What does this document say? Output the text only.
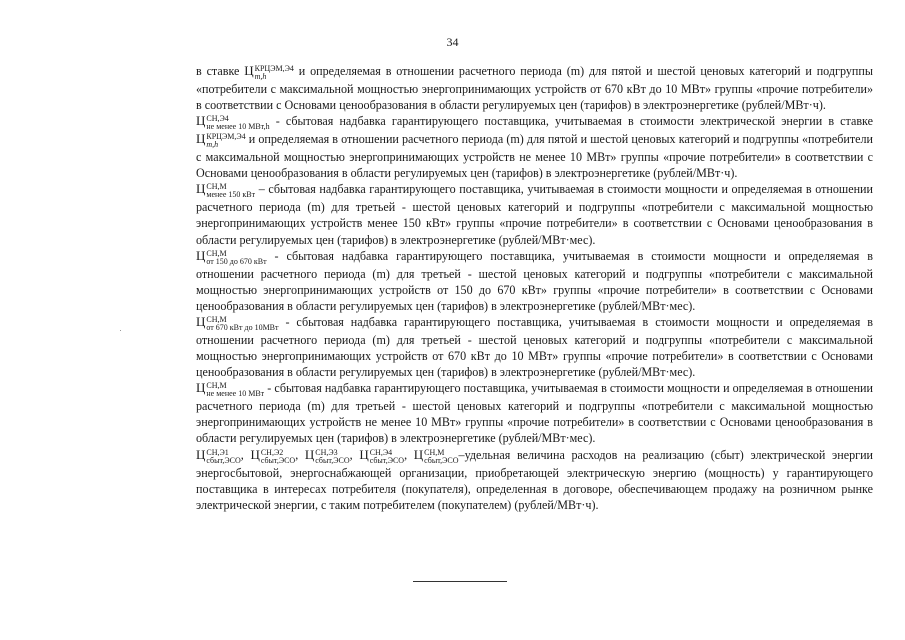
34

в ставке Ц КРЦЭМ,Э4
m,h	и определяемая в отношении расчетного периода (m) для пятой и шестой ценовых категорий и подгруппы «потребители с максимальной мощностью энергопринимающих устройств от 670 кВт до 10 МВт» группы «прочие потребители» в соответствии с Основами ценообразования в области регулируемых цен (тарифов) в электроэнергетике (рублей/МВт·ч).

Ц СН,Э4
не менее 10 МВт,h - сбытовая надбавка гарантирующего поставщика, учитываемая в стоимости электрической энергии в ставке Ц КРЦЭМ,Э4
m,h	и определяемая в отношении расчетного периода (m) для пятой и шестой ценовых категорий и подгруппы «потребители с максимальной мощностью энергопринимающих устройств не менее 10 МВт» группы «прочие потребители» в соответствии с Основами ценообразования в области регулируемых цен (тарифов) в электроэнергетике (рублей/МВт·ч).

Ц СН,М
менее 150 кВт – сбытовая надбавка гарантирующего поставщика, учитываемая в стоимости мощности и определяемая в отношении расчетного периода (m) для третьей - шестой ценовых категорий и подгруппы «потребители с максимальной мощностью энергопринимающих устройств менее 150 кВт» группы «прочие потребители» в соответствии с Основами ценообразования в области регулируемых цен (тарифов) в электроэнергетике (рублей/МВт·мес).

Ц СН,М
от 150 до 670 кВт - сбытовая надбавка гарантирующего поставщика, учитываемая в стоимости мощности и определяемая в отношении расчетного периода (m) для третьей - шестой ценовых категорий и подгруппы «потребители с максимальной мощностью энергопринимающих устройств от 150 до 670 кВт» группы «прочие потребители» в соответствии с Основами ценообразования в области регулируемых цен (тарифов) в электроэнергетике (рублей/МВт·мес).

Ц СН,М
от 670 кВт до 10МВт - сбытовая надбавка гарантирующего поставщика, учитываемая в стоимости мощности и определяемая в отношении расчетного периода (m) для третьей - шестой ценовых категорий и подгруппы «потребители с максимальной мощностью энергопринимающих устройств от 670 кВт до 10 МВт» группы «прочие потребители» в соответствии с Основами ценообразования в области регулируемых цен (тарифов) в электроэнергетике (рублей/МВт·мес).

Ц СН,М
не менее 10 МВт - сбытовая надбавка гарантирующего поставщика, учитываемая в стоимости мощности и определяемая в отношении расчетного периода (m) для третьей - шестой ценовых категорий и подгруппы «потребители с максимальной мощностью энергопринимающих устройств не менее 10 МВт» группы «прочие потребители» в соответствии с Основами ценообразования в области регулируемых цен (тарифов) в электроэнергетике (рублей/МВт·мес).

Ц СН,Э1
сбыт,ЭСО , Ц СН,Э2
сбыт,ЭСО , Ц СН,Э3
сбыт,ЭСО , Ц СН,Э4
сбыт,ЭСО , Ц СН,М
сбыт,ЭСО –удельная величина расходов на реализацию (сбыт) электрической энергии энергосбытовой, энергоснабжающей организации, приобретающей электрическую энергию (мощность) у гарантирующего поставщика в интересах потребителя (покупателя), определенная в договоре, обеспечивающем продажу на розничном рынке электрической энергии, с таким потребителем (покупателем) (рублей/МВт·ч).
